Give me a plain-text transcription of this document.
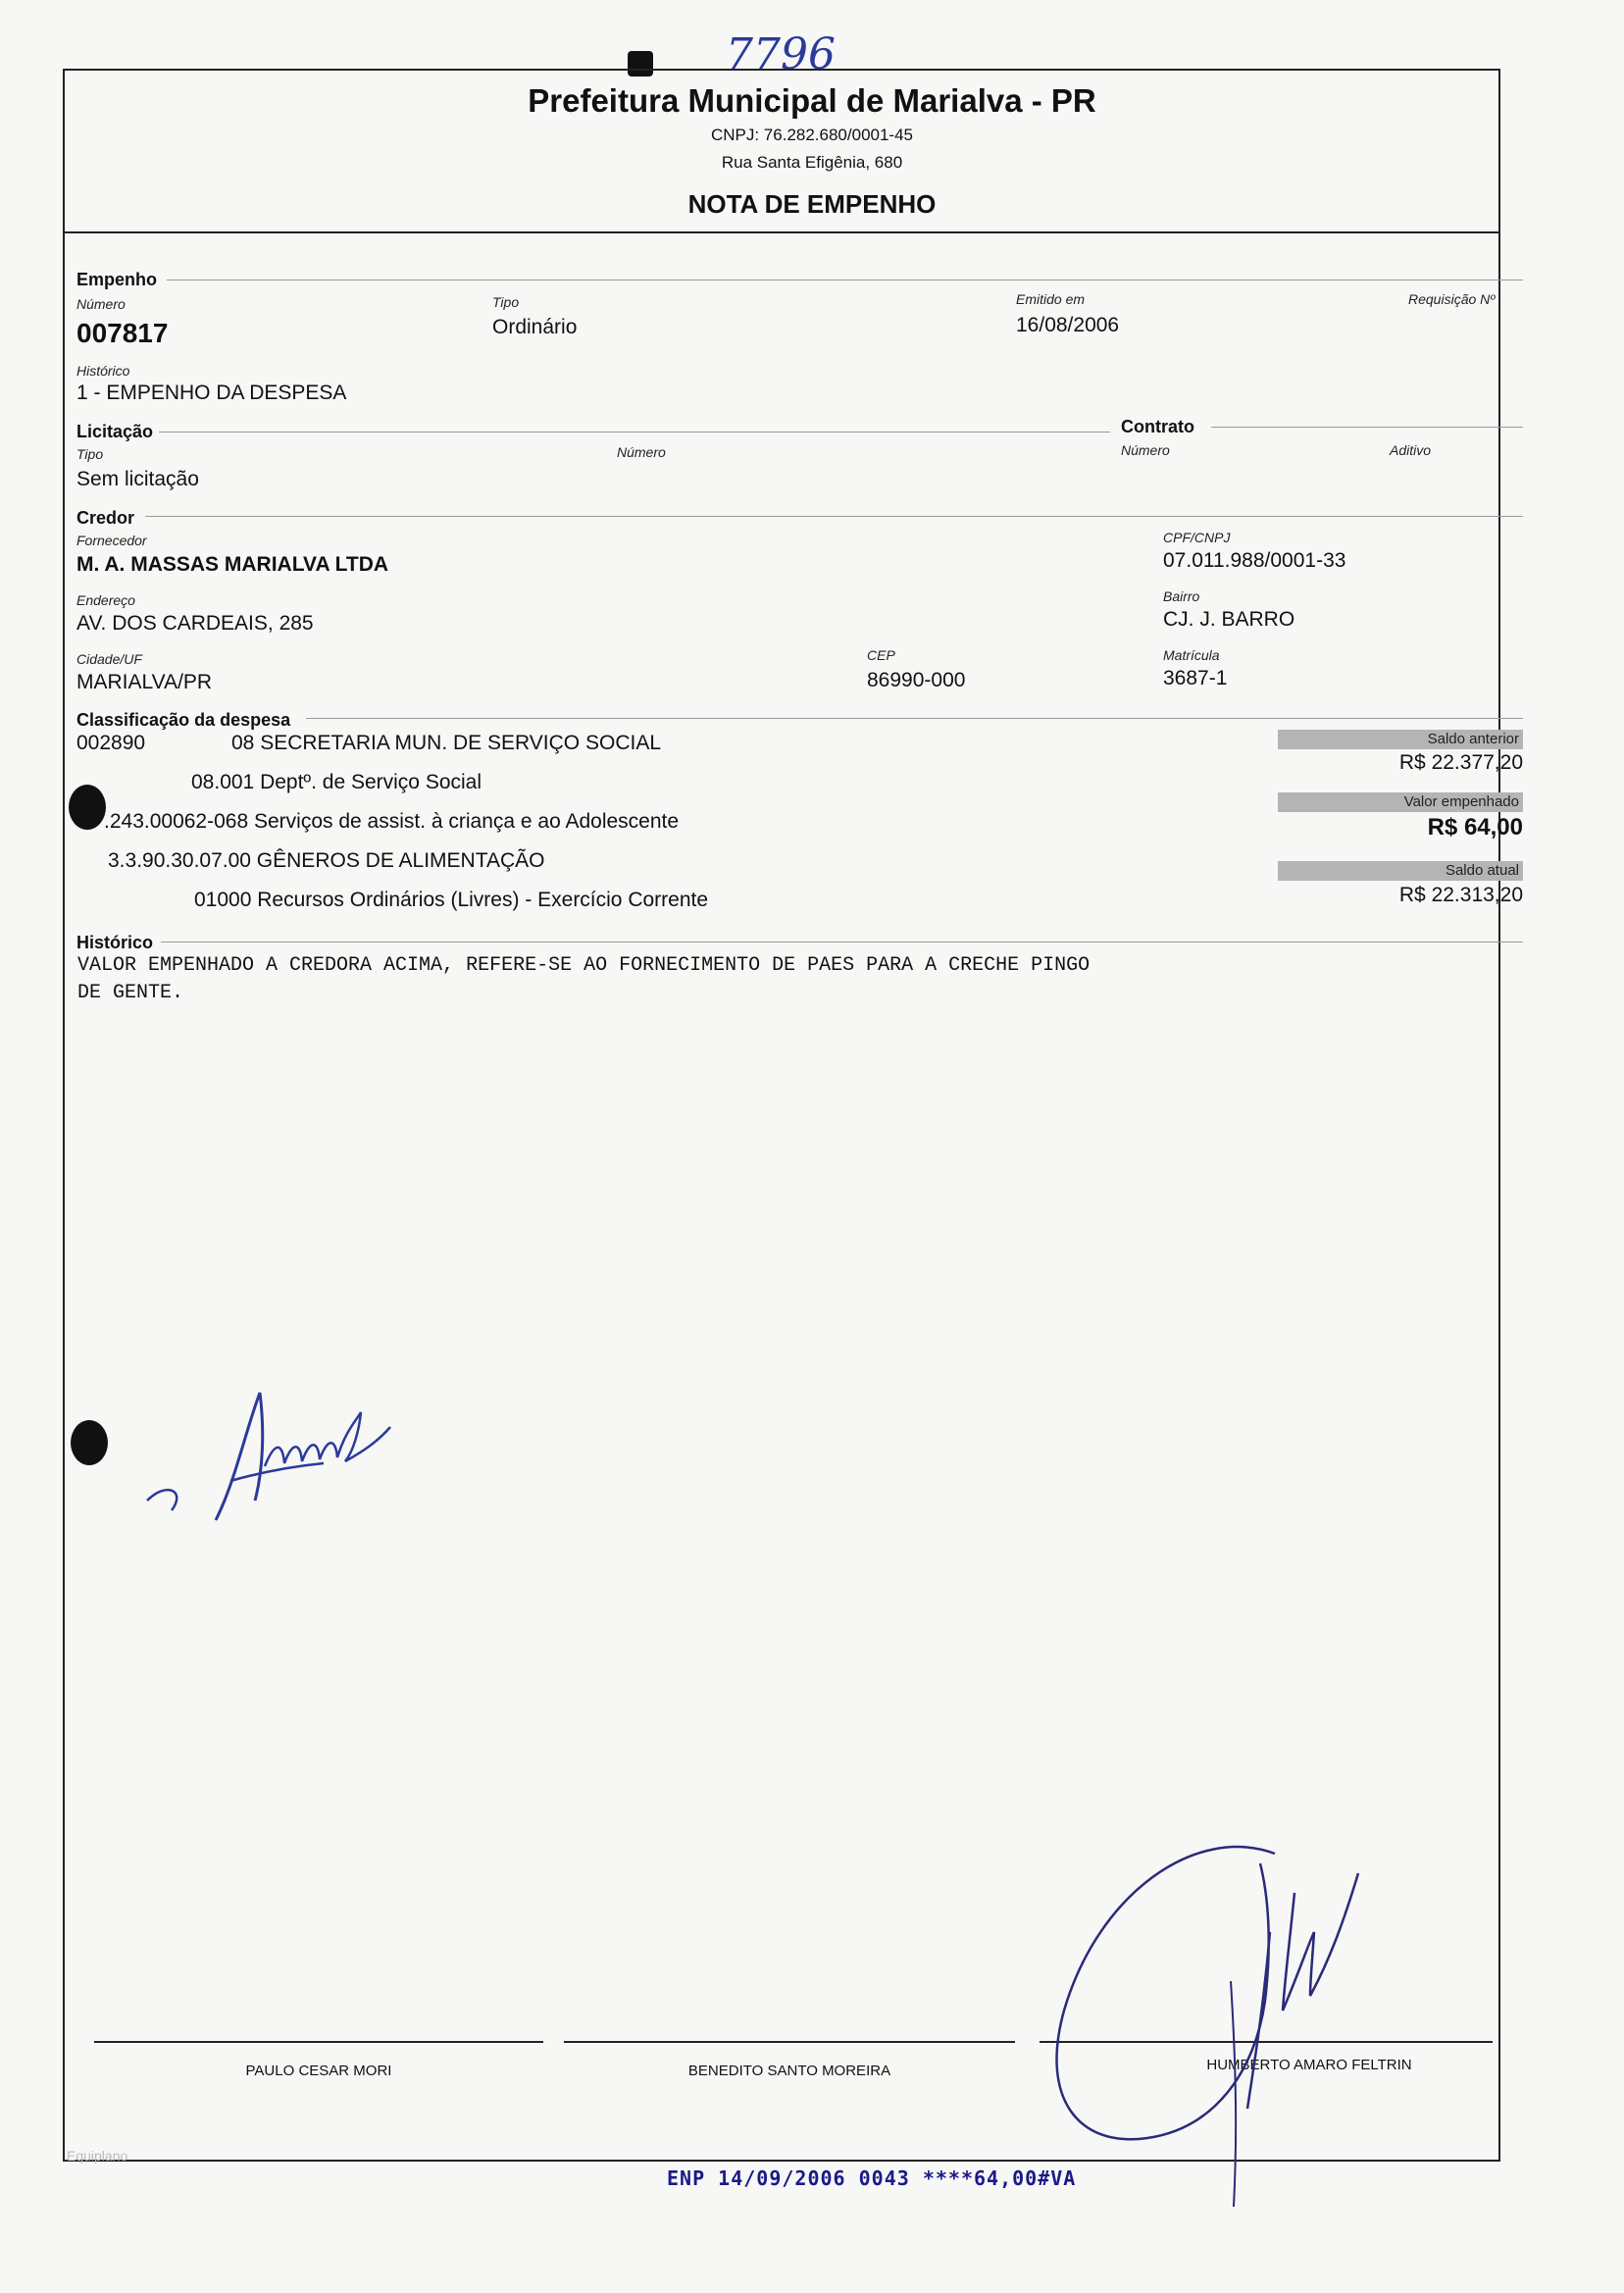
7796
Prefeitura Municipal de Marialva - PR
CNPJ: 76.282.680/0001-45
Rua Santa Efigênia, 680
NOTA DE EMPENHO
Empenho
Número
007817
Tipo
Ordinário
Emitido em
16/08/2006
Requisição Nº
Histórico
1 - EMPENHO DA DESPESA
Licitação
Tipo
Sem licitação
Número
Contrato
Número	Aditivo
Credor
Fornecedor
M. A. MASSAS MARIALVA LTDA
CPF/CNPJ
07.011.988/0001-33
Endereço
AV. DOS CARDEAIS, 285
Bairro
CJ. J. BARRO
Cidade/UF
MARIALVA/PR
CEP
86990-000
Matrícula
3687-1
Classificação da despesa
002890	08 SECRETARIA MUN. DE SERVIÇO SOCIAL
08.001 Deptº. de Serviço Social
.243.00062-068 Serviços de assist. à criança e ao Adolescente
3.3.90.30.07.00 GÊNEROS DE ALIMENTAÇÃO
01000 Recursos Ordinários (Livres) - Exercício Corrente
Saldo anterior
R$ 22.377,20
Valor empenhado
R$ 64,00
Saldo atual
R$ 22.313,20
Histórico
VALOR EMPENHADO A CREDORA ACIMA, REFERE-SE AO FORNECIMENTO DE PAES PARA A CRECHE PINGO
DE GENTE.
PAULO CESAR MORI	BENEDITO SANTO MOREIRA	HUMBERTO AMARO FELTRIN
Equiplano
ENP 14/09/2006 0043 ****64,00#VA
